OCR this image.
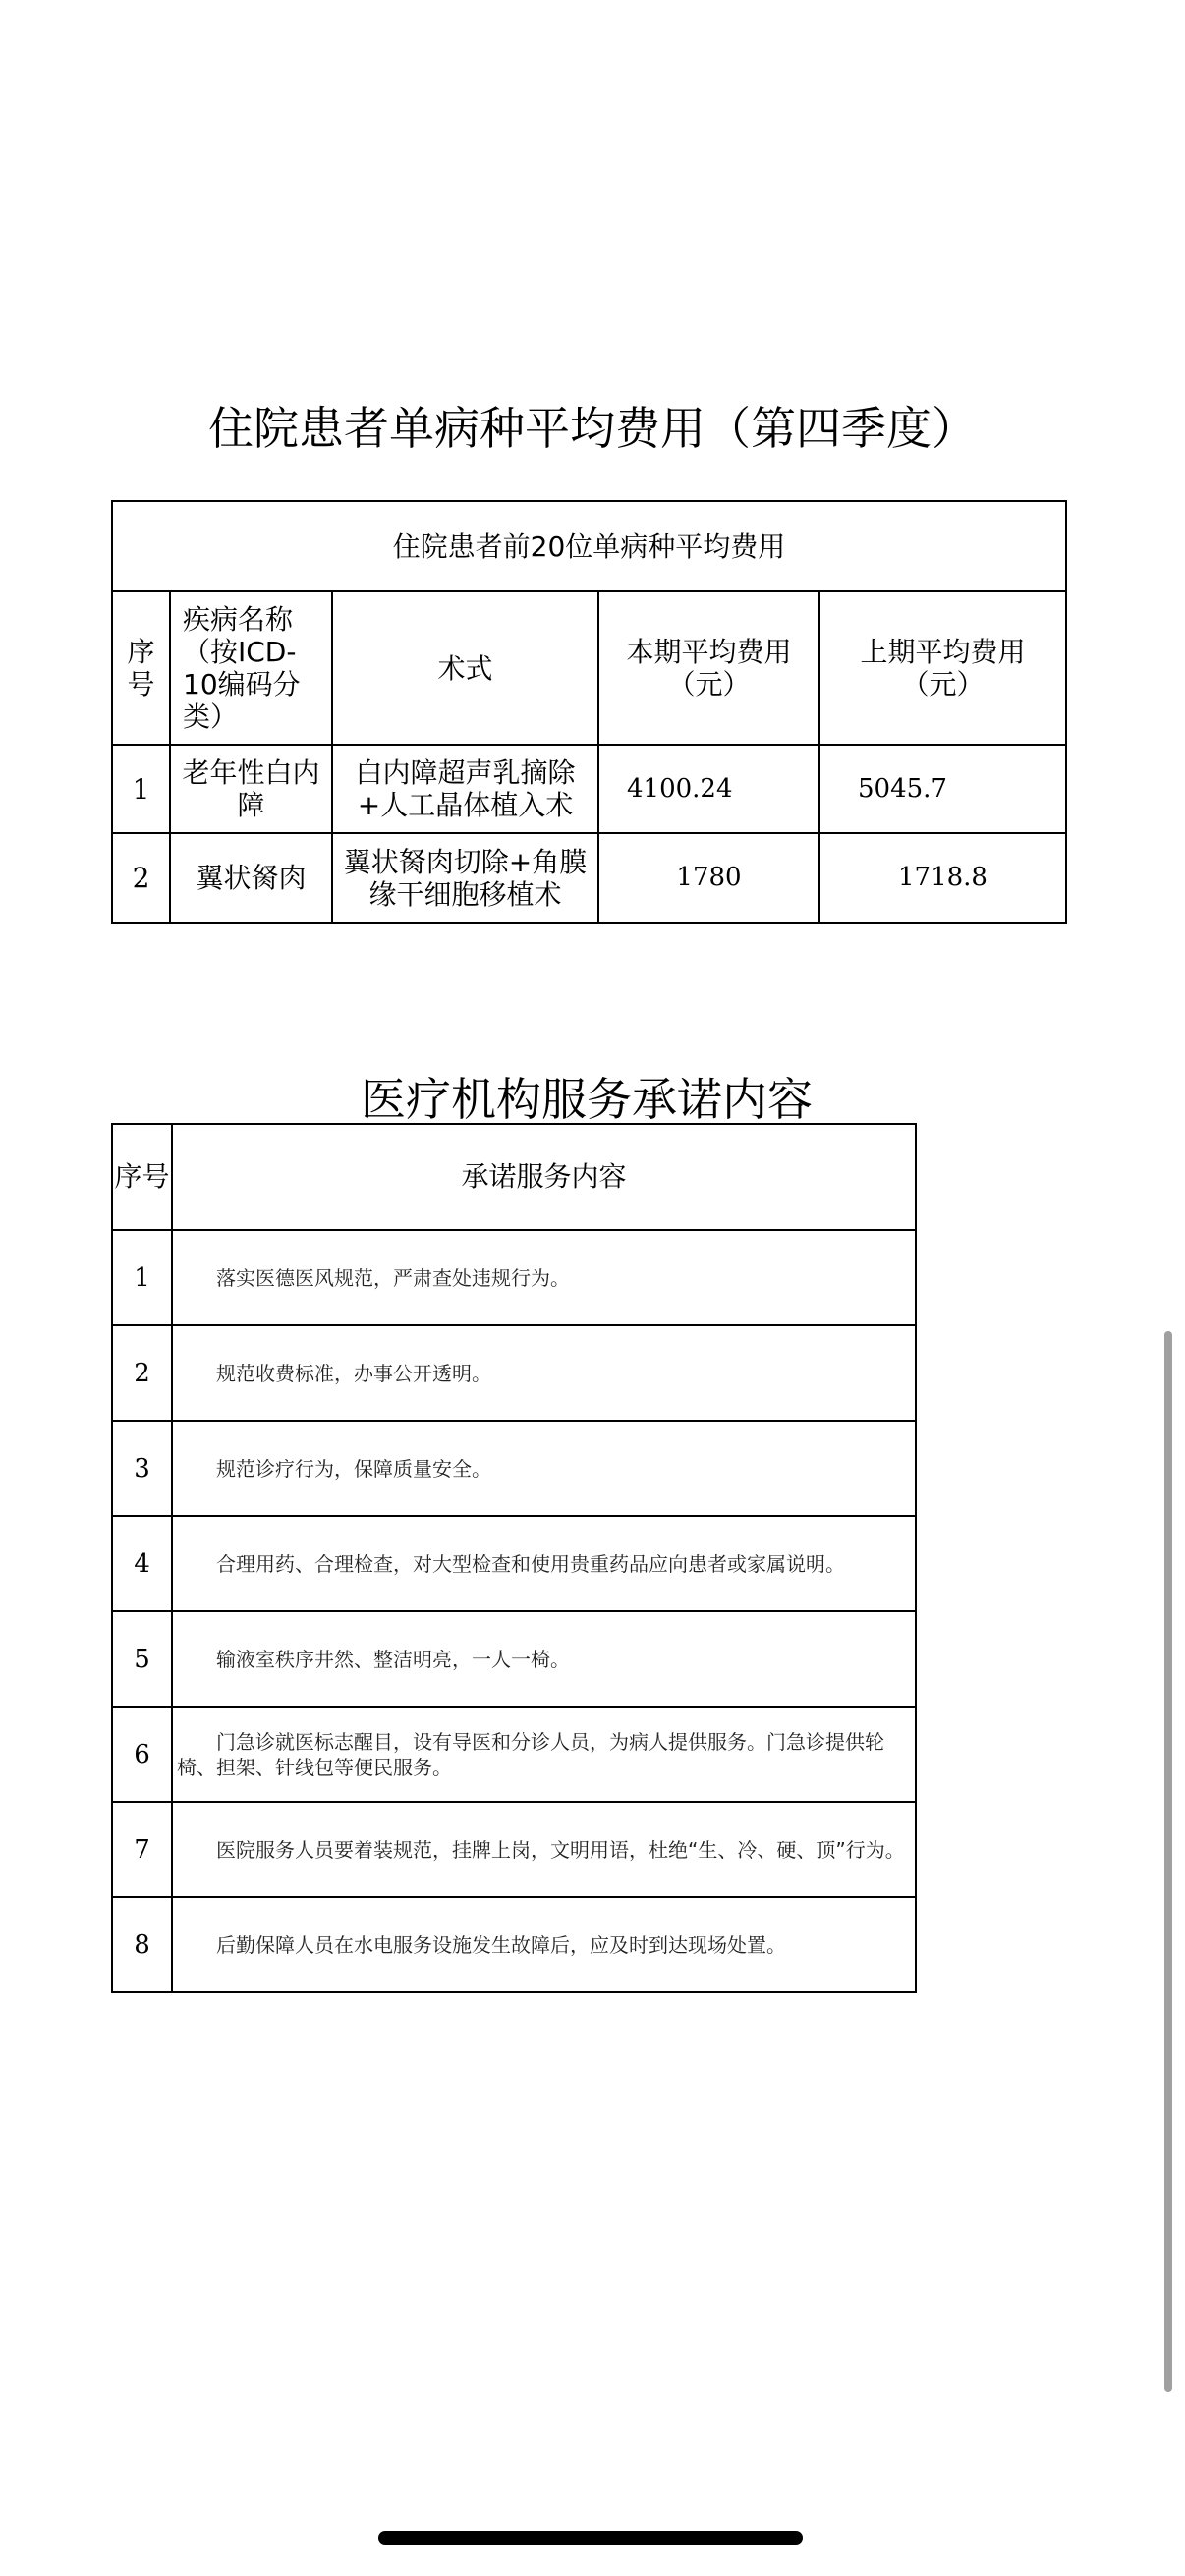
住院患者单病种平均费用（第四季度）
住院患者前20位单病种平均费用				
序号	疾病名称（按ICD-10编码分类）	术式	本期平均费用（元）	上期平均费用（元）
1	老年性白内障	白内障超声乳摘除+人工晶体植入术	4100.24	5045.7
2	翼状胬肉	翼状胬肉切除+角膜缘干细胞移植术	1780	1718.8
医疗机构服务承诺内容
序号	承诺服务内容
1	落实医德医风规范，严肃查处违规行为。
2	规范收费标准，办事公开透明。
3	规范诊疗行为，保障质量安全。
4	合理用药、合理检查，对大型检查和使用贵重药品应向患者或家属说明。
5	输液室秩序井然、整洁明亮，一人一椅。
6	门急诊就医标志醒目，设有导医和分诊人员，为病人提供服务。门急诊提供轮椅、担架、针线包等便民服务。
7	医院服务人员要着装规范，挂牌上岗，文明用语，杜绝“生、冷、硬、顶”行为。
8	后勤保障人员在水电服务设施发生故障后，应及时到达现场处置。
